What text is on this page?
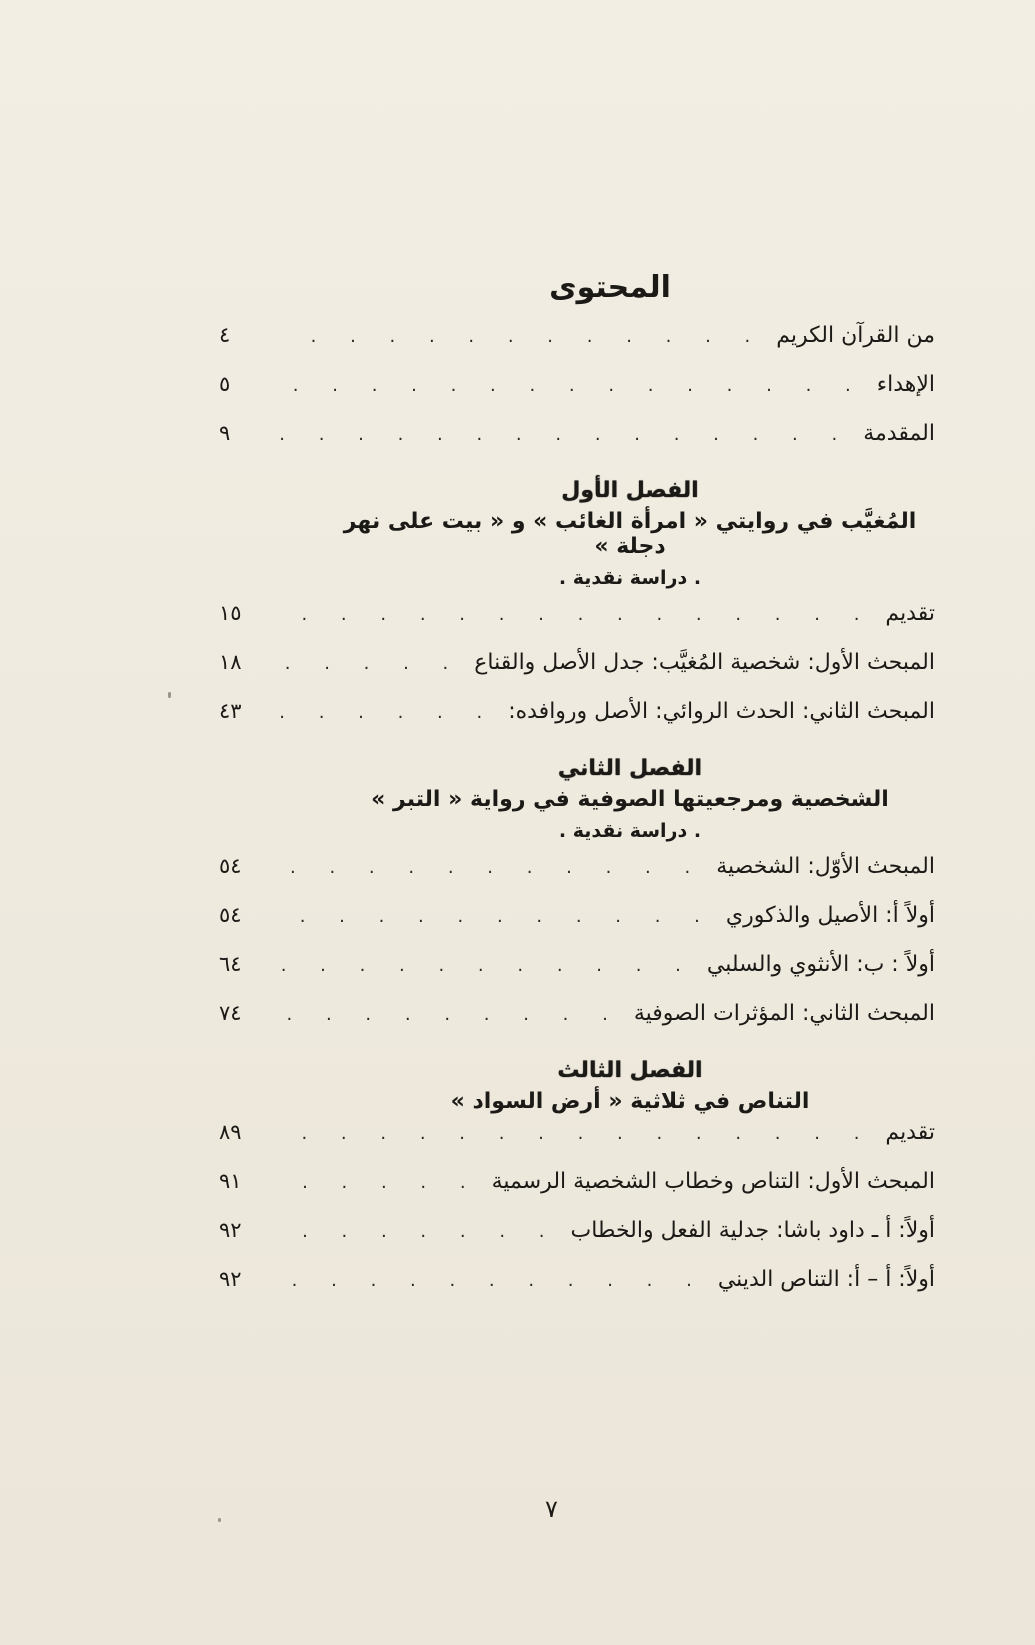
المحتوى
من القرآن الكريم
. . .
٤
الإهداء
. . .
٥
المقدمة
. . .
٩
الفصل الأول
المُغيَّب في روايتي « امرأة الغائب » و « بيت على نهر دجلة »
. دراسة نقدية .
تقديم
. . .
١٥
المبحث الأول: شخصية المُغيَّب: جدل الأصل والقناع
. . .
١٨
المبحث الثاني: الحدث الروائي: الأصل وروافده:
. . .
٤٣
الفصل الثاني
الشخصية ومرجعيتها الصوفية في رواية « التبر »
. دراسة نقدية .
المبحث الأوّل: الشخصية
. . .
٥٤
أولاً أ: الأصيل والذكوري
. . .
٥٤
أولاً : ب: الأنثوي والسلبي
. . .
٦٤
المبحث الثاني: المؤثرات الصوفية
. . .
٧٤
الفصل الثالث
التناص في ثلاثية « أرض السواد »
تقديم
. . .
٨٩
المبحث الأول: التناص وخطاب الشخصية الرسمية
. . .
٩١
أولاً: أ ـ داود باشا: جدلية الفعل والخطاب
. . .
٩٢
أولاً: أ – أ: التناص الديني
. . .
٩٢
٧
